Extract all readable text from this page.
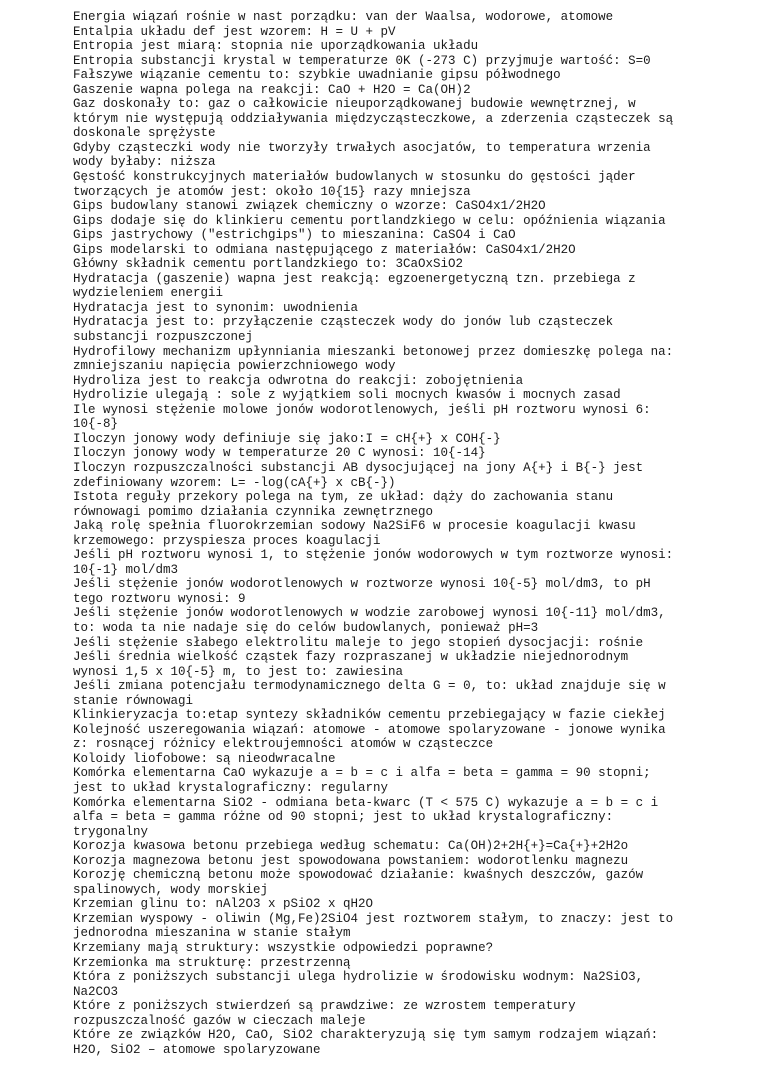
Energia wiązań rośnie w nast porządku: van der Waalsa, wodorowe, atomowe
Entalpia układu def jest wzorem: H = U + pV
Entropia jest miarą: stopnia nie uporządkowania układu
Entropia substancji krystal w temperaturze 0K (-273 C) przyjmuje wartość: S=0
Fałszywe wiązanie cementu to: szybkie uwadnianie gipsu półwodnego
Gaszenie wapna polega na reakcji: CaO + H2O = Ca(OH)2
Gaz doskonały to: gaz o całkowicie nieuporządkowanej budowie wewnętrznej, w
którym nie występują oddziaływania międzycząsteczkowe, a zderzenia cząsteczek są
doskonale sprężyste
Gdyby cząsteczki wody nie tworzyły trwałych asocjatów, to temperatura wrzenia
wody byłaby: niższa
Gęstość konstrukcyjnych materiałów budowlanych w stosunku do gęstości jąder
tworzących je atomów jest: około 10{15} razy mniejsza
Gips budowlany stanowi związek chemiczny o wzorze: CaSO4x1/2H2O
Gips dodaje się do klinkieru cementu portlandzkiego w celu: opóźnienia wiązania
Gips jastrychowy ("estrichgips") to mieszanina: CaSO4 i CaO
Gips modelarski to odmiana następującego z materiałów: CaSO4x1/2H2O
Główny składnik cementu portlandzkiego to: 3CaOxSiO2
Hydratacja (gaszenie) wapna jest reakcją: egzoenergetyczną tzn. przebiega z
wydzieleniem energii
Hydratacja jest to synonim: uwodnienia
Hydratacja jest to: przyłączenie cząsteczek wody do jonów lub cząsteczek
substancji rozpuszczonej
Hydrofilowy mechanizm upłynniania mieszanki betonowej przez domieszkę polega na:
zmniejszaniu napięcia powierzchniowego wody
Hydroliza jest to reakcja odwrotna do reakcji: zobojętnienia
Hydrolizie ulegają : sole z wyjątkiem soli mocnych kwasów i mocnych zasad
Ile wynosi stężenie molowe jonów wodorotlenowych, jeśli pH roztworu wynosi 6:
10{-8}
Iloczyn jonowy wody definiuje się jako:I = cH{+} x COH{-}
Iloczyn jonowy wody w temperaturze 20 C wynosi: 10{-14}
Iloczyn rozpuszczalności substancji AB dysocjującej na jony A{+} i B{-} jest
zdefiniowany wzorem: L= -log(cA{+} x cB{-})
Istota reguły przekory polega na tym, ze układ: dąży do zachowania stanu
równowagi pomimo działania czynnika zewnętrznego
Jaką rolę spełnia fluorokrzemian sodowy Na2SiF6 w procesie koagulacji kwasu
krzemowego: przyspiesza proces koagulacji
Jeśli pH roztworu wynosi 1, to stężenie jonów wodorowych w tym roztworze wynosi:
10{-1} mol/dm3
Jeśli stężenie jonów wodorotlenowych w roztworze wynosi 10{-5} mol/dm3, to pH
tego roztworu wynosi: 9
Jeśli stężenie jonów wodorotlenowych w wodzie zarobowej wynosi 10{-11} mol/dm3,
to: woda ta nie nadaje się do celów budowlanych, ponieważ pH=3
Jeśli stężenie słabego elektrolitu maleje to jego stopień dysocjacji: rośnie
Jeśli średnia wielkość cząstek fazy rozpraszanej w układzie niejednorodnym
wynosi 1,5 x 10{-5} m, to jest to: zawiesina
Jeśli zmiana potencjału termodynamicznego delta G = 0, to: układ znajduje się w
stanie równowagi
Klinkieryzacja to:etap syntezy składników cementu przebiegający w fazie ciekłej
Kolejność uszeregowania wiązań: atomowe - atomowe spolaryzowane - jonowe wynika
z: rosnącej różnicy elektroujemności atomów w cząsteczce
Koloidy liofobowe: są nieodwracalne
Komórka elementarna CaO wykazuje a = b = c i alfa = beta = gamma = 90 stopni;
jest to układ krystalograficzny: regularny
Komórka elementarna SiO2 - odmiana beta-kwarc (T < 575 C) wykazuje a = b = c i
alfa = beta = gamma różne od 90 stopni; jest to układ krystalograficzny:
trygonalny
Korozja kwasowa betonu przebiega według schematu: Ca(OH)2+2H{+}=Ca{+}+2H2o
Korozja magnezowa betonu jest spowodowana powstaniem: wodorotlenku magnezu
Korozję chemiczną betonu może spowodować działanie: kwaśnych deszczów, gazów
spalinowych, wody morskiej
Krzemian glinu to: nAl2O3 x pSiO2 x qH2O
Krzemian wyspowy - oliwin (Mg,Fe)2SiO4 jest roztworem stałym, to znaczy: jest to
jednorodna mieszanina w stanie stałym
Krzemiany mają struktury: wszystkie odpowiedzi poprawne?
Krzemionka ma strukturę: przestrzenną
Która z poniższych substancji ulega hydrolizie w środowisku wodnym: Na2SiO3,
Na2CO3
Które z poniższych stwierdzeń są prawdziwe: ze wzrostem temperatury
rozpuszczalność gazów w cieczach maleje
Które ze związków H2O, CaO, SiO2 charakteryzują się tym samym rodzajem wiązań:
H2O, SiO2 – atomowe spolaryzowane
